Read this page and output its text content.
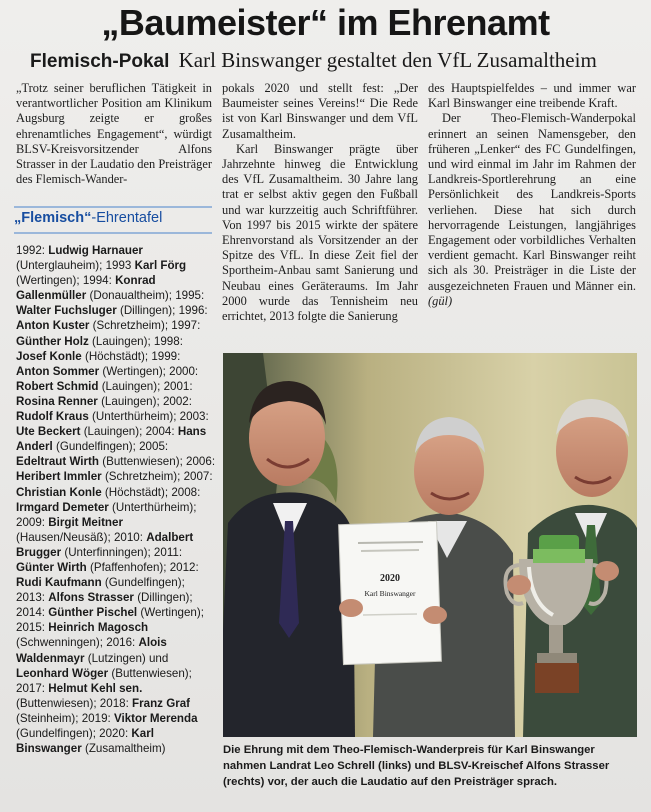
„Baumeister“ im Ehrenamt
Flemisch-Pokal Karl Binswanger gestaltet den VfL Zusamaltheim

„Trotz seiner beruflichen Tätigkeit in verantwortlicher Position am Klinikum Augsburg zeigte er großes ehrenamtliches Engagement“, würdigt BLSV-Kreisvorsitzender Alfons Strasser in der Laudatio den Preisträger des Flemisch-Wander-

pokals 2020 und stellt fest: „Der Baumeister seines Vereins!“ Die Rede ist von Karl Binswanger und dem VfL Zusamaltheim.

Karl Binswanger prägte über Jahrzehnte hinweg die Entwicklung des VfL Zusamaltheim. 30 Jahre lang trat er selbst aktiv gegen den Fußball und war kurzzeitig auch Schriftführer. Von 1997 bis 2015 wirkte der spätere Ehrenvorstand als Vorsitzender an der Spitze des VfL. In diese Zeit fiel der Sportheim-Anbau samt Sanierung und Neubau eines Geräteraums. Im Jahr 2000 wurde das Tennisheim neu errichtet, 2013 folgte die Sanierung

des Hauptspielfeldes – und immer war Karl Binswanger eine treibende Kraft.

Der Theo-Flemisch-Wanderpokal erinnert an seinen Namensgeber, den früheren „Lenker“ des FC Gundelfingen, und wird einmal im Jahr im Rahmen der Landkreis-Sportlerehrung an eine Persönlichkeit des Landkreis-Sports verliehen. Diese hat sich durch hervorragende Leistungen, langjähriges Engagement oder vorbildliches Verhalten verdient gemacht. Karl Binswanger reiht sich als 30. Preisträger in die Liste der ausgezeichneten Frauen und Männer ein. (gül)

„Flemisch“-Ehrentafel
1992: Ludwig Harnauer (Unterglauheim); 1993 Karl Förg (Wertingen); 1994: Konrad Gallenmüller (Donaualtheim); 1995: Walter Fuchsluger (Dillingen); 1996: Anton Kuster (Schretzheim); 1997: Günther Holz (Lauingen); 1998: Josef Konle (Höchstädt); 1999: Anton Sommer (Wertingen); 2000: Robert Schmid (Lauingen); 2001: Rosina Renner (Lauingen); 2002: Rudolf Kraus (Unterthürheim); 2003: Ute Beckert (Lauingen); 2004: Hans Anderl (Gundelfingen); 2005: Edeltraut Wirth (Buttenwiesen); 2006: Heribert Immler (Schretzheim); 2007: Christian Konle (Höchstädt); 2008: Irmgard Demeter (Unterthürheim); 2009: Birgit Meitner (Hausen/Neusäß); 2010: Adalbert Brugger (Unterfinningen); 2011: Günter Wirth (Pfaffenhofen); 2012: Rudi Kaufmann (Gundelfingen); 2013: Alfons Strasser (Dillingen); 2014: Günther Pischel (Wertingen); 2015: Heinrich Magosch (Schwenningen); 2016: Alois Waldenmayr (Lutzingen) und Leonhard Wöger (Buttenwiesen); 2017: Helmut Kehl sen. (Buttenwiesen); 2018: Franz Graf (Steinheim); 2019: Viktor Merenda (Gundelfingen); 2020: Karl Binswanger (Zusamaltheim)
2020
Karl Binswanger
Die Ehrung mit dem Theo-Flemisch-Wanderpreis für Karl Binswanger nahmen Landrat Leo Schrell (links) und BLSV-Kreischef Alfons Strasser (rechts) vor, der auch die Laudatio auf den Preisträger sprach.
